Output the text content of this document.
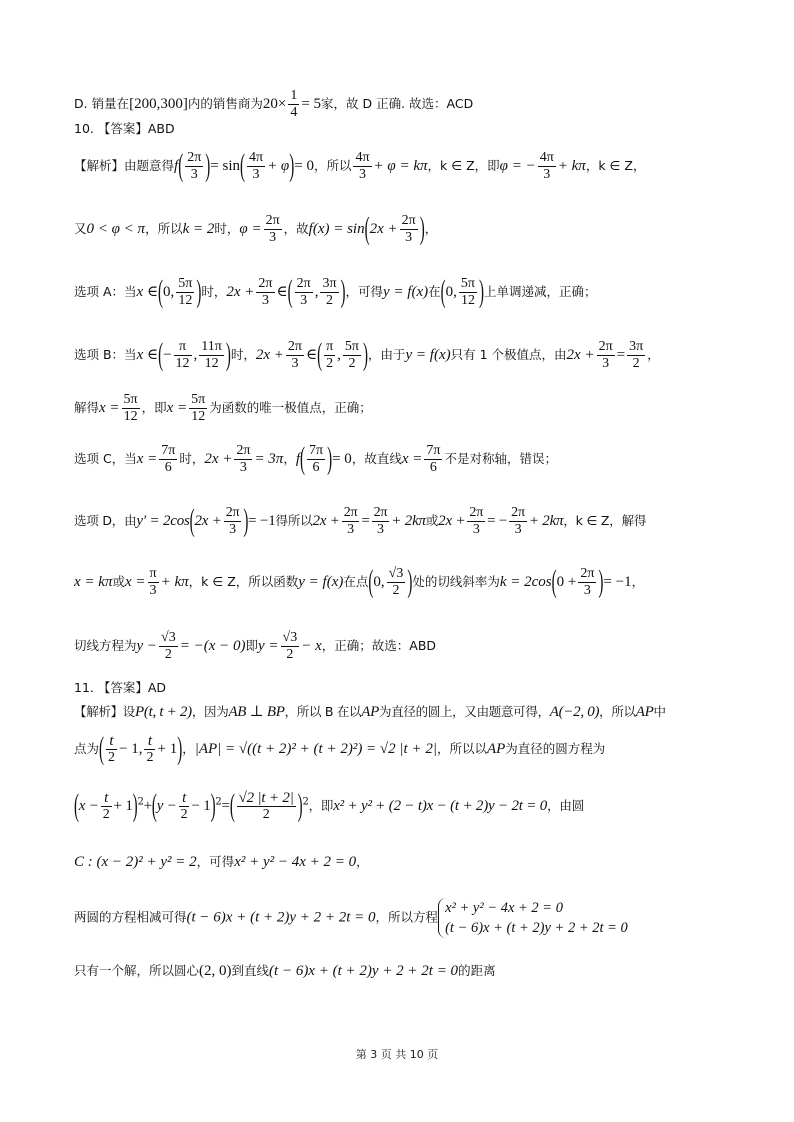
D. 销量在[200,300]内的销售商为$20\times \frac{1}{4} = 5$家，故 D 正确. 故选：ACD
10. 【答案】ABD
【解析】由题意得$f( \frac{2\pi}{3}$ )= $\sin( \frac{4\pi}{3} + \varphi)= 0$，所以 $\frac{4\pi}{3} + \varphi = k\pi$，k ∈ Z，即φ = − $\frac{4\pi}{3} + k\pi$，k ∈ Z，
又0 < φ < π，所以k = 2时，$\varphi = \frac{2\pi}{3}$ ，故$f(x) = \sin(2x + \frac{2\pi}{3}$ )，
选项 A：当x ∈(0, $\frac{5\pi}{12}$ )时，$2x + \frac{2\pi}{3}$ ∈( $\frac{2\pi}{3}$ , $\frac{3\pi}{2}$ )，可得y = f(x)在(0, $\frac{5\pi}{12}$ )上单调递减，正确；
选项 B：当x ∈(− $\frac{\pi}{12}$ , $\frac{11\pi}{12}$ )时，$2x + \frac{2\pi}{3}$ ∈( $\frac{\pi}{2}$ , $\frac{5\pi}{2}$ )，由于y = f(x)只有 1 个极值点，由$2x + \frac{2\pi}{3} = \frac{3\pi}{2}$ ，
解得$x = \frac{5\pi}{12}$ ，即$x = \frac{5\pi}{12}$ 为函数的唯一极值点，正确；
选项 C，当$x = \frac{7\pi}{6}$ 时，$2x + \frac{2\pi}{3} = 3\pi$，$f( \frac{7\pi}{6}$ )= 0，故直线$x = \frac{7\pi}{6}$ 不是对称轴，错误；
选项 D，由$y' = 2\cos(2x + \frac{2\pi}{3}$ )= −1得所以$2x + \frac{2\pi}{3} = \frac{2\pi}{3} + 2k\pi$或$2x + \frac{2\pi}{3}$ = − $\frac{2\pi}{3} + 2k\pi$，k ∈ Z，解得
x = kπ或$x = \frac{\pi}{3} + k\pi$，k ∈ Z，所以函数y = f(x)在点(0, $\frac{√3}{2}$ )处的切线斜率为$k = 2\cos(0 + \frac{2\pi}{3}$ )= −1，
切线方程为$y - \frac{√3}{2} = -(x - 0)$即$y = \frac{√3}{2} - x$，正确；故选：ABD
11. 【答案】AD
【解析】设P(t, t + 2)，因为AB ⊥ BP，所以 B 在以AP为直径的圆上，又由题意可得，A(−2, 0)，所以AP中
点为( $\frac{t}{2} - 1$, $\frac{t}{2} + 1$)，|AP| = √((t + 2)² + (t + 2)²) = √2 |t + 2|，所以以AP为直径的圆方程为
$(x - \frac{t}{2} + 1)^2+(y - \frac{t}{2} - 1)^2=( \frac{√2 |t + 2|}{2} )^2$，即x² + y² + (2 − t)x − (t + 2)y − 2t = 0，由圆
C : (x − 2)² + y² = 2，可得x² + y² − 4x + 2 = 0，
两圆的方程相减可得(t − 6)x + (t + 2)y + 2 + 2t = 0，所以方程
x² + y² − 4x + 2 = 0
(t − 6)x + (t + 2)y + 2 + 2t = 0
只有一个解，所以圆心(2, 0)到直线(t − 6)x + (t + 2)y + 2 + 2t = 0的距离
第 3 页 共 10 页
